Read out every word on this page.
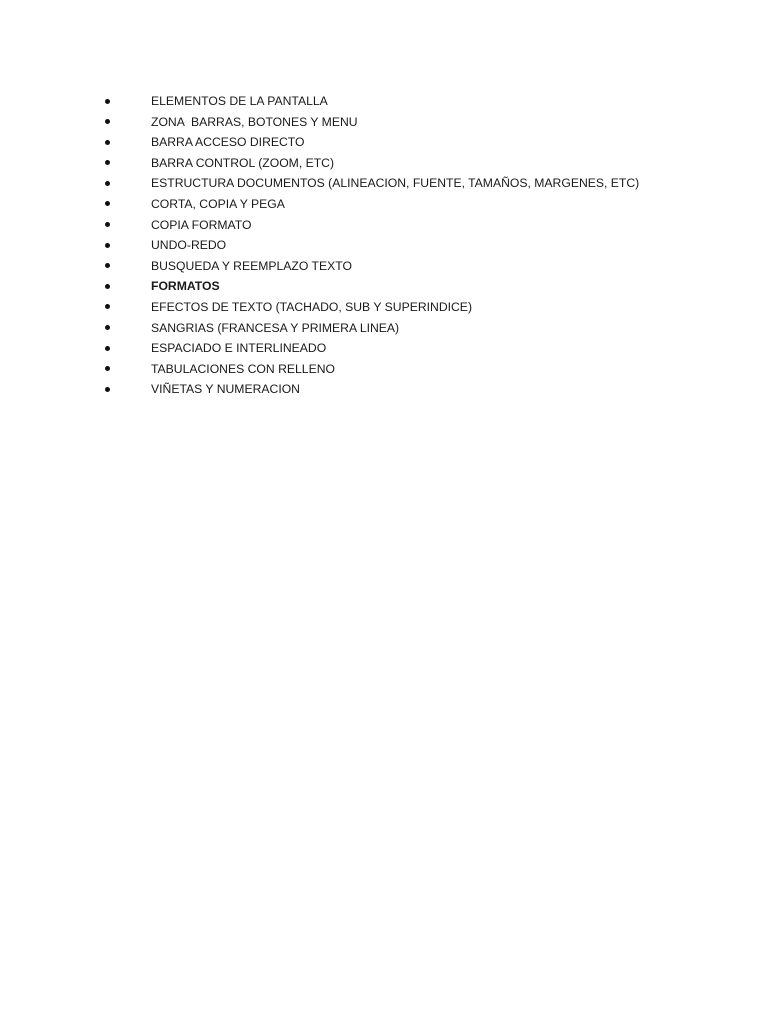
ELEMENTOS DE LA PANTALLA
ZONA  BARRAS, BOTONES Y MENU
BARRA ACCESO DIRECTO
BARRA CONTROL (ZOOM, ETC)
ESTRUCTURA DOCUMENTOS (ALINEACION, FUENTE, TAMAÑOS, MARGENES, ETC)
CORTA, COPIA Y PEGA
COPIA FORMATO
UNDO-REDO
BUSQUEDA Y REEMPLAZO TEXTO
FORMATOS
EFECTOS DE TEXTO (TACHADO, SUB Y SUPERINDICE)
SANGRIAS (FRANCESA Y PRIMERA LINEA)
ESPACIADO E INTERLINEADO
TABULACIONES CON RELLENO
VIÑETAS Y NUMERACION
